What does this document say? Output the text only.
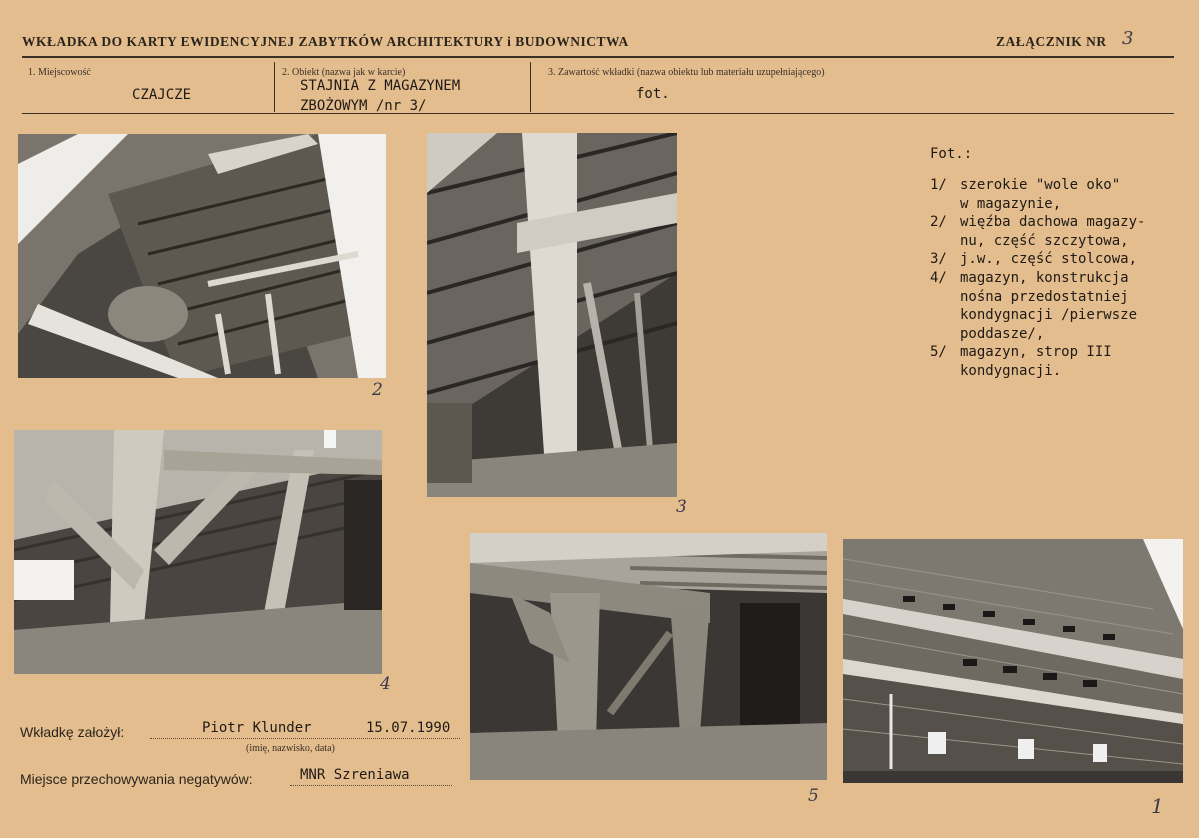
WKŁADKA DO KARTY EWIDENCYJNEJ ZABYTKÓW ARCHITEKTURY i BUDOWNICTWA	ZAŁĄCZNIK NR 3
1. Miejscowość
CZAJCZE
2. Obiekt (nazwa jak w karcie)
STAJNIA Z MAGAZYNEM
ZBOŻOWYM /nr 3/
3. Zawartość wkładki (nazwa obiektu lub materiału uzupełniającego)
fot.
2
3
4
5	1
Fot.:
1/ szerokie "wole oko"
w magazynie,
2/ więźba dachowa magazy-
nu, część szczytowa,
3/ j.w., część stolcowa,
4/ magazyn, konstrukcja
nośna przedostatniej
kondygnacji /pierwsze
poddasze/,
5/ magazyn, strop III
kondygnacji.
Wkładkę założył:	Piotr Klunder	15.07.1990
(imię, nazwisko, data)
Miejsce przechowywania negatywów:	MNR Szreniawa
